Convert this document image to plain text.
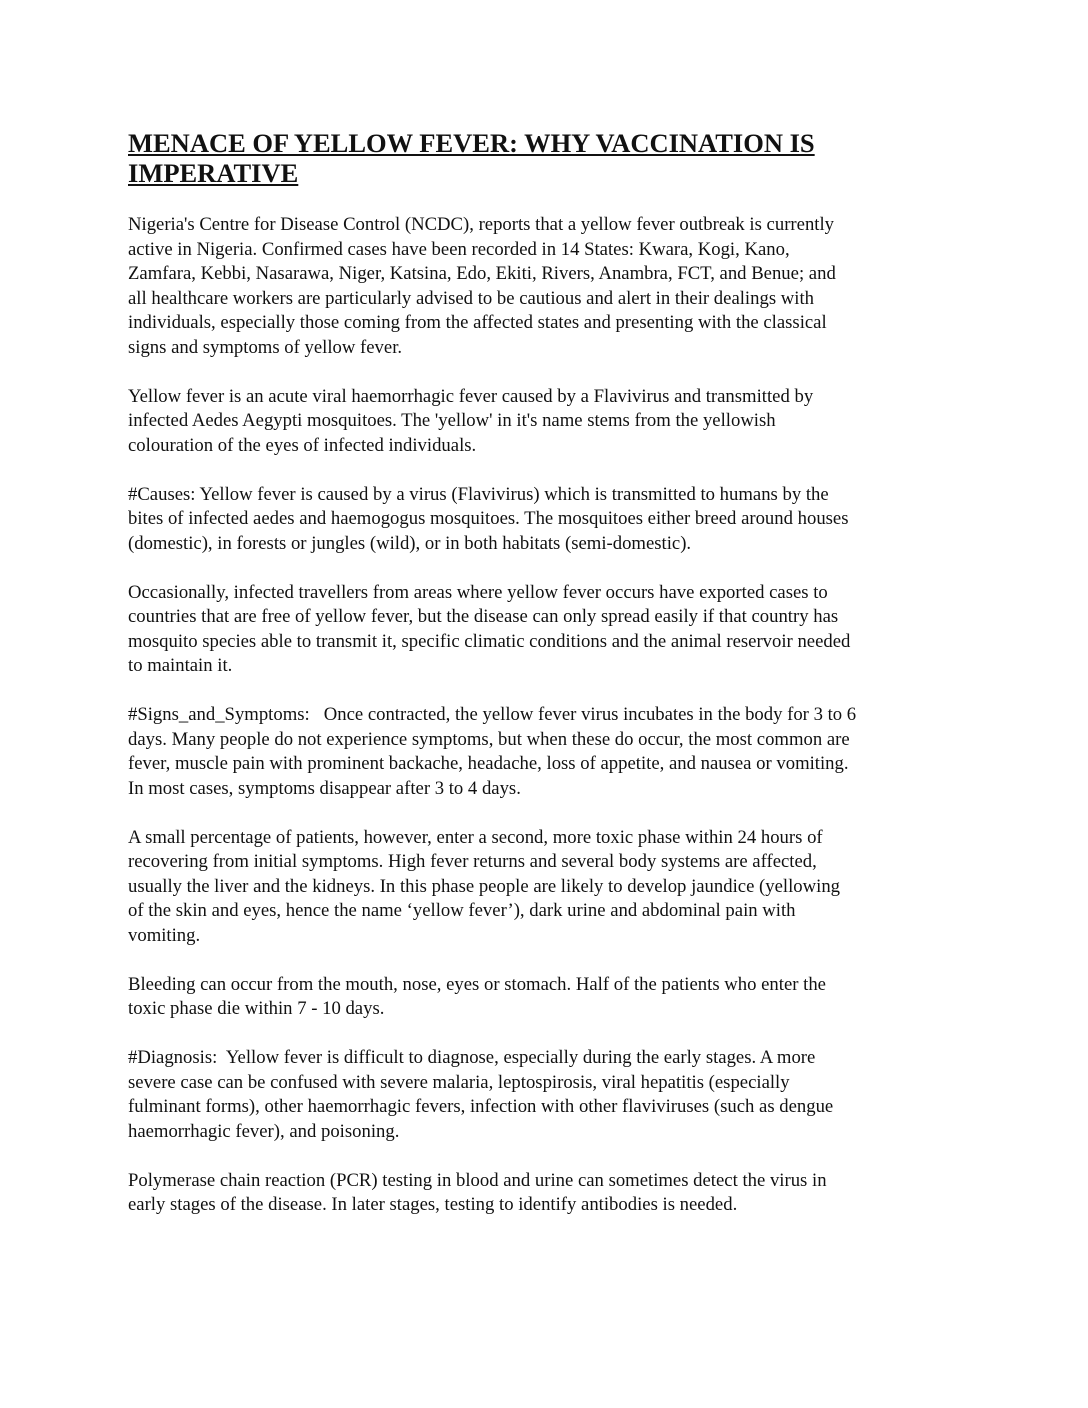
MENACE OF YELLOW FEVER: WHY VACCINATION IS
IMPERATIVE
Nigeria's Centre for Disease Control (NCDC), reports that a yellow fever outbreak is currently
active in Nigeria. Confirmed cases have been recorded in 14 States: Kwara, Kogi, Kano,
Zamfara, Kebbi, Nasarawa, Niger, Katsina, Edo, Ekiti, Rivers, Anambra, FCT, and Benue; and
all healthcare workers are particularly advised to be cautious and alert in their dealings with
individuals, especially those coming from the affected states and presenting with the classical
signs and symptoms of yellow fever.
Yellow fever is an acute viral haemorrhagic fever caused by a Flavivirus and transmitted by
infected Aedes Aegypti mosquitoes. The 'yellow' in it's name stems from the yellowish
colouration of the eyes of infected individuals.
#Causes: Yellow fever is caused by a virus (Flavivirus) which is transmitted to humans by the
bites of infected aedes and haemogogus mosquitoes. The mosquitoes either breed around houses
(domestic), in forests or jungles (wild), or in both habitats (semi-domestic).
Occasionally, infected travellers from areas where yellow fever occurs have exported cases to
countries that are free of yellow fever, but the disease can only spread easily if that country has
mosquito species able to transmit it, specific climatic conditions and the animal reservoir needed
to maintain it.
#Signs_and_Symptoms:   Once contracted, the yellow fever virus incubates in the body for 3 to 6
days. Many people do not experience symptoms, but when these do occur, the most common are
fever, muscle pain with prominent backache, headache, loss of appetite, and nausea or vomiting.
In most cases, symptoms disappear after 3 to 4 days.
A small percentage of patients, however, enter a second, more toxic phase within 24 hours of
recovering from initial symptoms. High fever returns and several body systems are affected,
usually the liver and the kidneys. In this phase people are likely to develop jaundice (yellowing
of the skin and eyes, hence the name ‘yellow fever’), dark urine and abdominal pain with
vomiting.
Bleeding can occur from the mouth, nose, eyes or stomach. Half of the patients who enter the
toxic phase die within 7 - 10 days.
#Diagnosis:  Yellow fever is difficult to diagnose, especially during the early stages. A more
severe case can be confused with severe malaria, leptospirosis, viral hepatitis (especially
fulminant forms), other haemorrhagic fevers, infection with other flaviviruses (such as dengue
haemorrhagic fever), and poisoning.
Polymerase chain reaction (PCR) testing in blood and urine can sometimes detect the virus in
early stages of the disease. In later stages, testing to identify antibodies is needed.
